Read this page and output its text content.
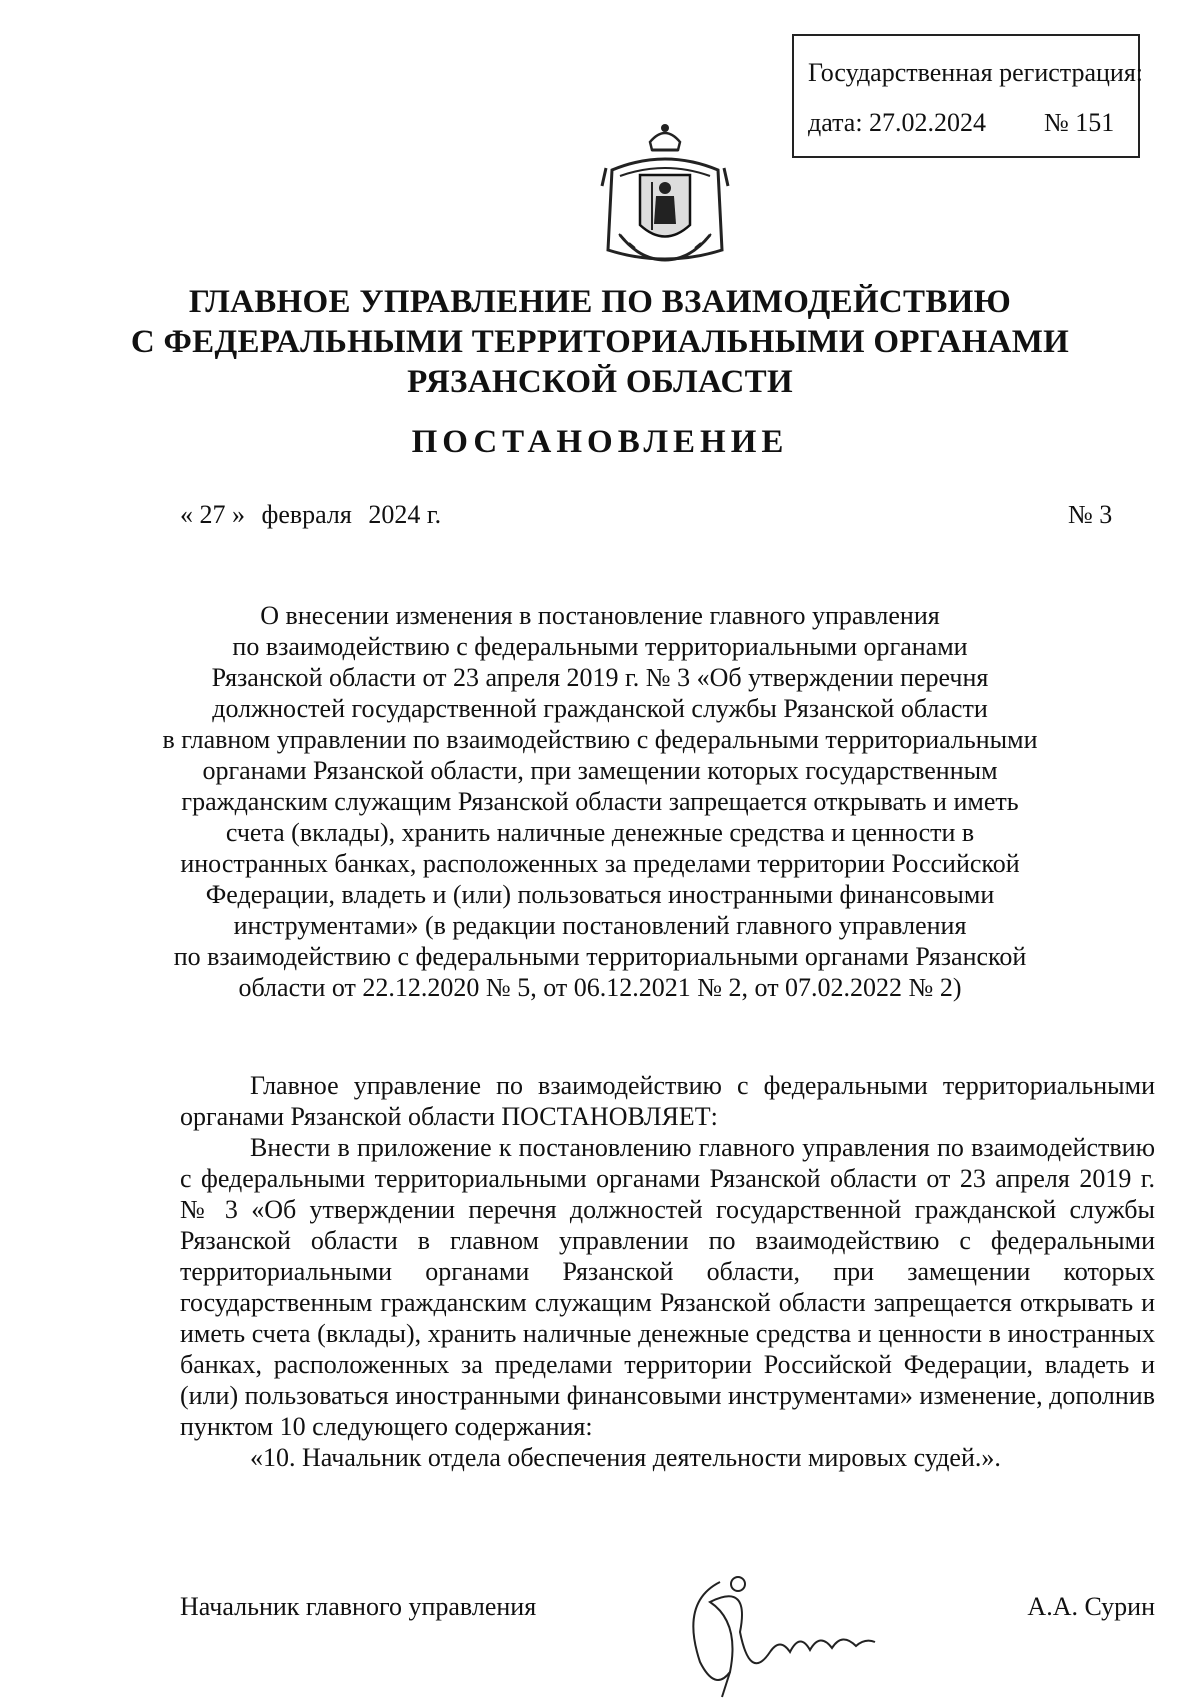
Государственная регистрация:
дата: 27.02.2024 № 151
ГЛАВНОЕ УПРАВЛЕНИЕ ПО ВЗАИМОДЕЙСТВИЮ
С ФЕДЕРАЛЬНЫМИ ТЕРРИТОРИАЛЬНЫМИ ОРГАНАМИ
РЯЗАНСКОЙ ОБЛАСТИ
ПОСТАНОВЛЕНИЕ
« 27 » февраля 2024 г.	№ 3
О внесении изменения в постановление главного управления
по взаимодействию с федеральными территориальными органами
Рязанской области от 23 апреля 2019 г. № 3 «Об утверждении перечня
должностей государственной гражданской службы Рязанской области
в главном управлении по взаимодействию с федеральными территориальными
органами Рязанской области, при замещении которых государственным
гражданским служащим Рязанской области запрещается открывать и иметь
счета (вклады), хранить наличные денежные средства и ценности в
иностранных банках, расположенных за пределами территории Российской
Федерации, владеть и (или) пользоваться иностранными финансовыми
инструментами» (в редакции постановлений главного управления
по взаимодействию с федеральными территориальными органами Рязанской
области от 22.12.2020 № 5, от 06.12.2021 № 2, от 07.02.2022 № 2)

Главное управление по взаимодействию с федеральными территориальными органами Рязанской области ПОСТАНОВЛЯЕТ:

Внести в приложение к постановлению главного управления по взаимодействию с федеральными территориальными органами Рязанской области от 23 апреля 2019 г. № 3 «Об утверждении перечня должностей государственной гражданской службы Рязанской области в главном управлении по взаимодействию с федеральными территориальными органами Рязанской области, при замещении которых государственным гражданским служащим Рязанской области запрещается открывать и иметь счета (вклады), хранить наличные денежные средства и ценности в иностранных банках, расположенных за пределами территории Российской Федерации, владеть и (или) пользоваться иностранными финансовыми инструментами» изменение, дополнив пунктом 10 следующего содержания:

«10. Начальник отдела обеспечения деятельности мировых судей.».

Начальник главного управления	А.А. Сурин
